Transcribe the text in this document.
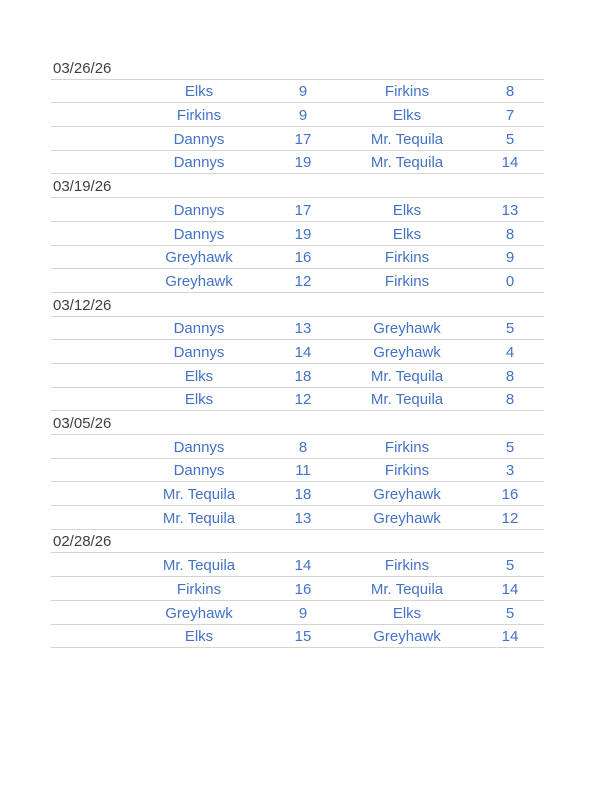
03/26/26
Elks	9	Firkins	8
Firkins	9	Elks	7
Dannys	17	Mr. Tequila	5
Dannys	19	Mr. Tequila	14
03/19/26
Dannys	17	Elks	13
Dannys	19	Elks	8
Greyhawk	16	Firkins	9
Greyhawk	12	Firkins	0
03/12/26
Dannys	13	Greyhawk	5
Dannys	14	Greyhawk	4
Elks	18	Mr. Tequila	8
Elks	12	Mr. Tequila	8
03/05/26
Dannys	8	Firkins	5
Dannys	11	Firkins	3
Mr. Tequila	18	Greyhawk	16
Mr. Tequila	13	Greyhawk	12
02/28/26
Mr. Tequila	14	Firkins	5
Firkins	16	Mr. Tequila	14
Greyhawk	9	Elks	5
Elks	15	Greyhawk	14
